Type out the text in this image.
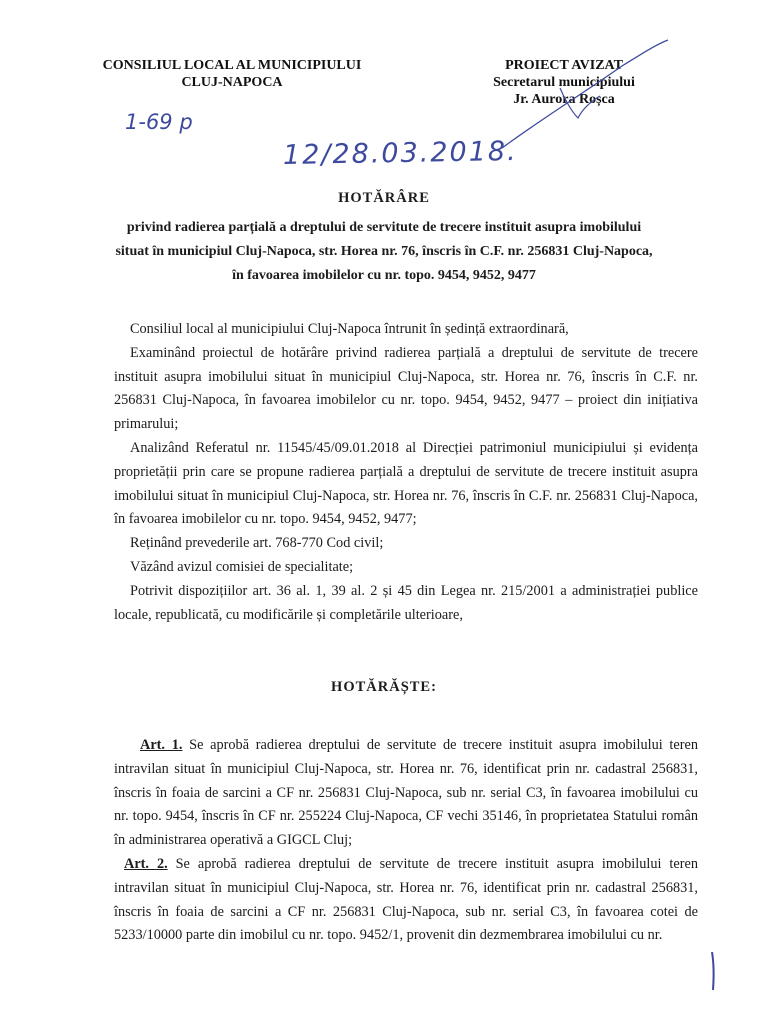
CONSILIUL LOCAL AL MUNICIPIULUI
CLUJ-NAPOCA
PROIECT AVIZAT
Secretarul municipiului
Jr. Aurora Roșca
1-69 p
12/28.03.2018.
HOTĂRÂRE
privind radierea parțială a dreptului de servitute de trecere instituit asupra imobilului
situat în municipiul Cluj-Napoca, str. Horea nr. 76, înscris în C.F. nr. 256831 Cluj-Napoca,
în favoarea imobilelor cu nr. topo. 9454, 9452, 9477

Consiliul local al municipiului Cluj-Napoca întrunit în ședință extraordinară,

Examinând proiectul de hotărâre privind radierea parțială a dreptului de servitute de trecere instituit asupra imobilului situat în municipiul Cluj-Napoca, str. Horea nr. 76, înscris în C.F. nr. 256831 Cluj-Napoca, în favoarea imobilelor cu nr. topo. 9454, 9452, 9477 – proiect din inițiativa primarului;

Analizând Referatul nr. 11545/45/09.01.2018 al Direcției patrimoniul municipiului și evidența proprietății prin care se propune radierea parțială a dreptului de servitute de trecere instituit asupra imobilului situat în municipiul Cluj-Napoca, str. Horea nr. 76, înscris în C.F. nr. 256831 Cluj-Napoca, în favoarea imobilelor cu nr. topo. 9454, 9452, 9477;

Reținând prevederile art. 768-770 Cod civil;

Văzând avizul comisiei de specialitate;

Potrivit dispozițiilor art. 36 al. 1, 39 al. 2 și 45 din Legea nr. 215/2001 a administrației publice locale, republicată, cu modificările și completările ulterioare,

HOTĂRĂȘTE:

Art. 1. Se aprobă radierea dreptului de servitute de trecere instituit asupra imobilului teren intravilan situat în municipiul Cluj-Napoca, str. Horea nr. 76, identificat prin nr. cadastral 256831, înscris în foaia de sarcini a CF nr. 256831 Cluj-Napoca, sub nr. serial C3, în favoarea imobilului cu nr. topo. 9454, înscris în CF nr. 255224 Cluj-Napoca, CF vechi 35146, în proprietatea Statului român în administrarea operativă a GIGCL Cluj;

Art. 2. Se aprobă radierea dreptului de servitute de trecere instituit asupra imobilului teren intravilan situat în municipiul Cluj-Napoca, str. Horea nr. 76, identificat prin nr. cadastral 256831, înscris în foaia de sarcini a CF nr. 256831 Cluj-Napoca, sub nr. serial C3, în favoarea cotei de 5233/10000 parte din imobilul cu nr. topo. 9452/1, provenit din dezmembrarea imobilului cu nr.
